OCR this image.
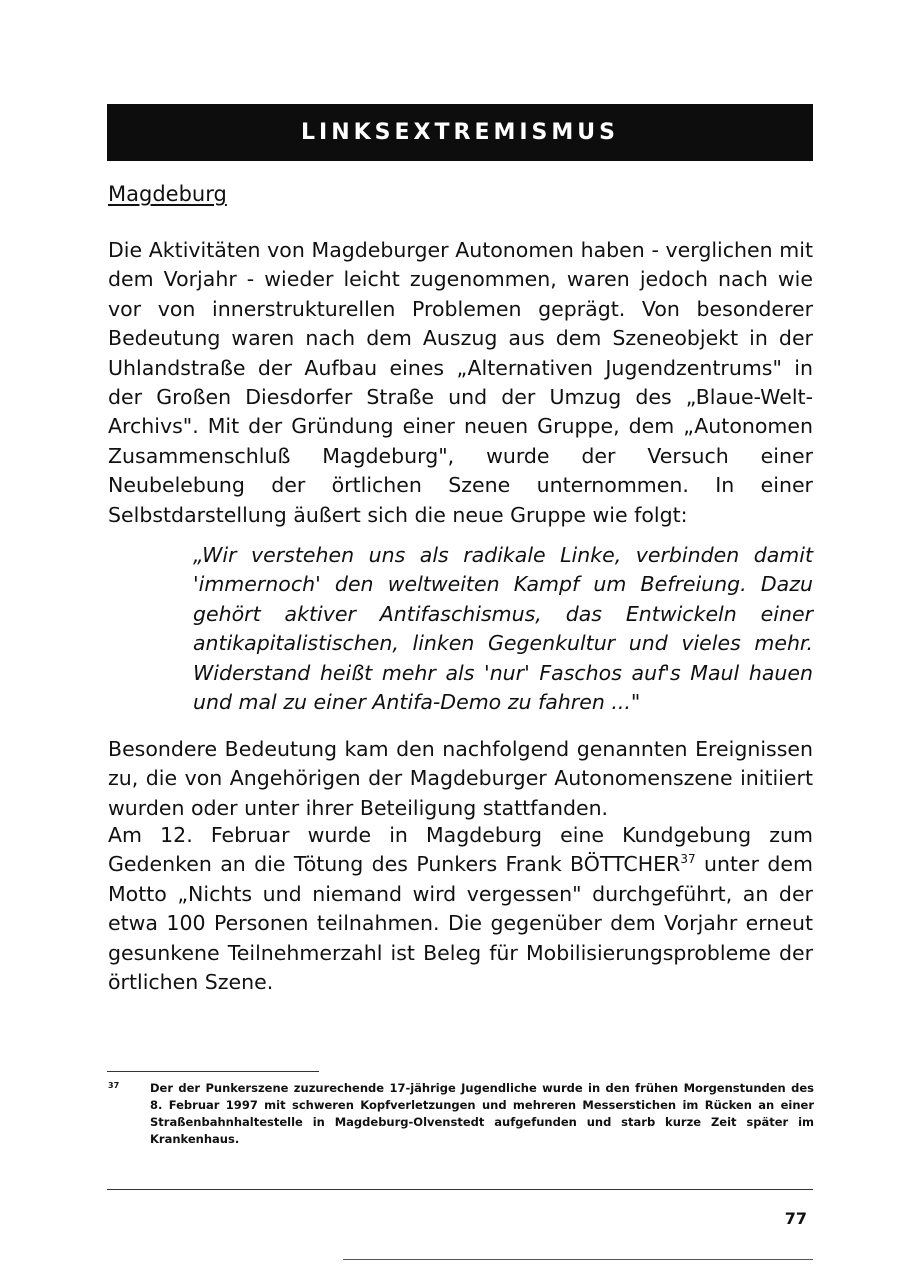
LINKSEXTREMISMUS
Magdeburg

Die Aktivitäten von Magdeburger Autonomen haben - verglichen mit dem Vorjahr - wieder leicht zugenommen, waren jedoch nach wie vor von innerstrukturellen Problemen geprägt. Von besonderer Bedeutung waren nach dem Auszug aus dem Szeneobjekt in der Uhlandstraße der Aufbau eines „Alternativen Jugendzentrums" in der Großen Diesdorfer Straße und der Umzug des „Blaue-Welt-Archivs". Mit der Gründung einer neuen Gruppe, dem „Autonomen Zusammenschluß Magdeburg", wurde der Versuch einer Neubelebung der örtlichen Szene unternommen. In einer Selbstdarstellung äußert sich die neue Gruppe wie folgt:

„Wir verstehen uns als radikale Linke, verbinden damit 'immernoch' den weltweiten Kampf um Befreiung. Dazu gehört aktiver Antifaschismus, das Entwickeln einer antikapitalistischen, linken Gegenkultur und vieles mehr. Widerstand heißt mehr als 'nur' Faschos auf's Maul hauen und mal zu einer Antifa-Demo zu fahren ..."

Besondere Bedeutung kam den nachfolgend genannten Ereignissen zu, die von Angehörigen der Magdeburger Autonomenszene initiiert wurden oder unter ihrer Beteiligung stattfanden.

Am 12. Februar wurde in Magdeburg eine Kundgebung zum Gedenken an die Tötung des Punkers Frank BÖTTCHER$^{37}$ unter dem Motto „Nichts und niemand wird vergessen" durchgeführt, an der etwa 100 Personen teilnahmen. Die gegenüber dem Vorjahr erneut gesunkene Teilnehmerzahl ist Beleg für Mobilisierungsprobleme der örtlichen Szene.

37	Der der Punkerszene zuzurechende 17-jährige Jugendliche wurde in den frühen Morgenstunden des 8. Februar 1997 mit schweren Kopfverletzungen und mehreren Messerstichen im Rücken an einer Straßenbahnhaltestelle in Magdeburg-Olvenstedt aufgefunden und starb kurze Zeit später im Krankenhaus.
77
